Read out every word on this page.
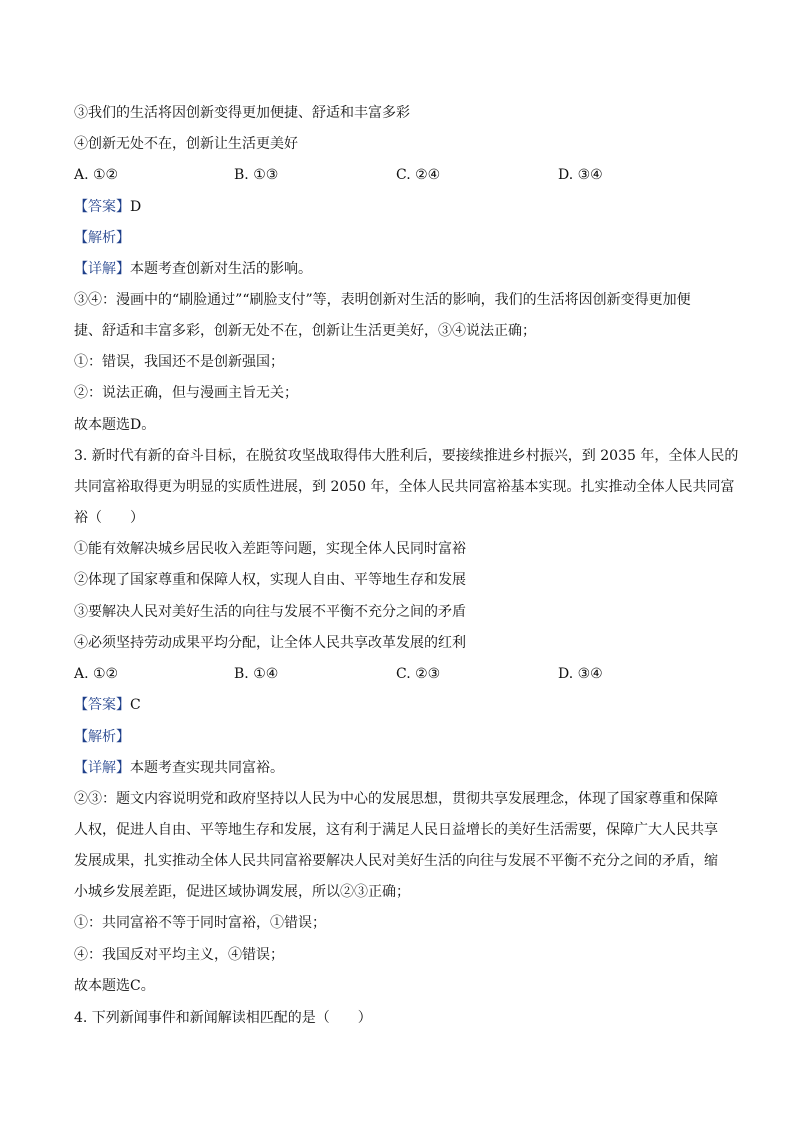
③我们的生活将因创新变得更加便捷、舒适和丰富多彩
④创新无处不在，创新让生活更美好
A. ①②	B. ①③	C. ②④	D. ③④
【答案】D
【解析】
【详解】本题考查创新对生活的影响。
③④：漫画中的“刷脸通过”“刷脸支付”等，表明创新对生活的影响，我们的生活将因创新变得更加便
捷、舒适和丰富多彩，创新无处不在，创新让生活更美好，③④说法正确；
①：错误，我国还不是创新强国；
②：说法正确，但与漫画主旨无关；
故本题选D。
3. 新时代有新的奋斗目标，在脱贫攻坚战取得伟大胜利后，要接续推进乡村振兴，到 2035 年，全体人民的
共同富裕取得更为明显的实质性进展，到 2050 年，全体人民共同富裕基本实现。扎实推动全体人民共同富
裕（　　）
①能有效解决城乡居民收入差距等问题，实现全体人民同时富裕
②体现了国家尊重和保障人权，实现人自由、平等地生存和发展
③要解决人民对美好生活的向往与发展不平衡不充分之间的矛盾
④必须坚持劳动成果平均分配，让全体人民共享改革发展的红利
A. ①②	B. ①④	C. ②③	D. ③④
【答案】C
【解析】
【详解】本题考查实现共同富裕。
②③：题文内容说明党和政府坚持以人民为中心的发展思想，贯彻共享发展理念，体现了国家尊重和保障
人权，促进人自由、平等地生存和发展，这有利于满足人民日益增长的美好生活需要，保障广大人民共享
发展成果，扎实推动全体人民共同富裕要解决人民对美好生活的向往与发展不平衡不充分之间的矛盾，缩
小城乡发展差距，促进区域协调发展，所以②③正确；
①：共同富裕不等于同时富裕，①错误；
④：我国反对平均主义，④错误；
故本题选C。
4. 下列新闻事件和新闻解读相匹配的是（　　）
